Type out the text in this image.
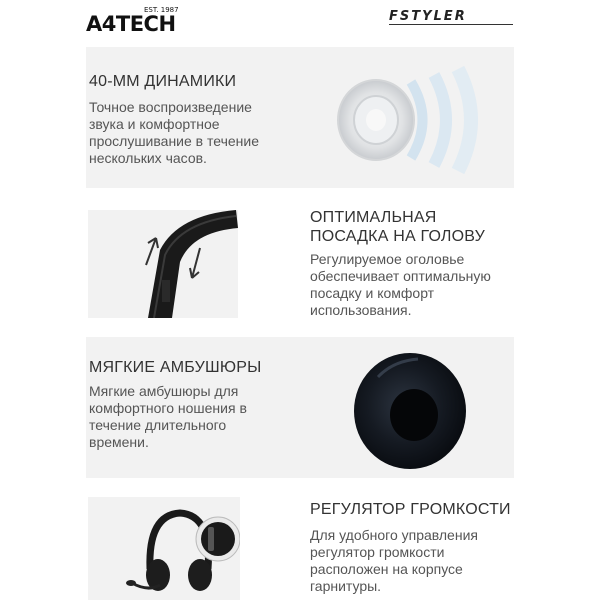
EST. 1987
A4TECH	FSTYLER
40-ММ ДИНАМИКИ
Точное воспроизведение звука и комфортное прослушивание в течение нескольких часов.
ОПТИМАЛЬНАЯ
ПОСАДКА НА ГОЛОВУ
Регулируемое оголовье обеспечивает оптимальную посадку и комфорт использования.
МЯГКИЕ АМБУШЮРЫ
Мягкие амбушюры для комфортного ношения в течение длительного времени.
РЕГУЛЯТОР ГРОМКОСТИ
Для удобного управления регулятор громкости расположен на корпусе гарнитуры.
